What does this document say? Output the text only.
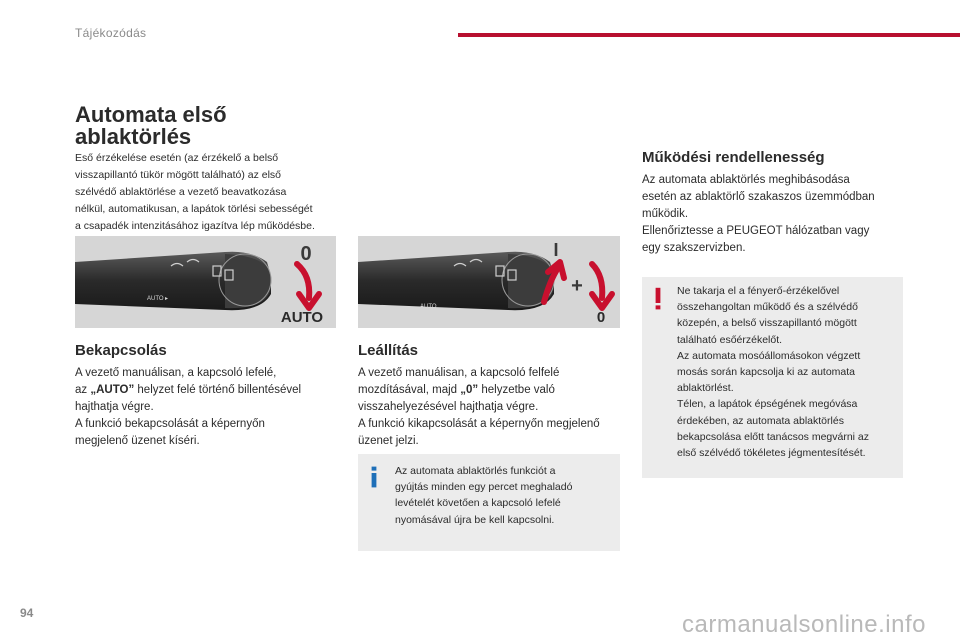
Tájékozódás
Automata első
ablaktörlés
Eső érzékelése esetén (az érzékelő a belső
visszapillantó tükör mögött található) az első
szélvédő ablaktörlése a vezető beavatkozása
nélkül, automatikusan, a lapátok törlési sebességét
a csapadék intenzitásához igazítva lép működésbe.
AUTO ▸
0
AUTO
AUTO
I
+
0
Bekapcsolás
A vezető manuálisan, a kapcsoló lefelé,
az „AUTO” helyzet felé történő billentésével
hajthatja végre.
A funkció bekapcsolását a képernyőn
megjelenő üzenet kíséri.
Leállítás
A vezető manuálisan, a kapcsoló felfelé
mozdításával, majd „0” helyzetbe való
visszahelyezésével hajthatja végre.
A funkció kikapcsolását a képernyőn megjelenő
üzenet jelzi.
Az automata ablaktörlés funkciót a
gyújtás minden egy percet meghaladó
levételét követően a kapcsoló lefelé
nyomásával újra be kell kapcsolni.
Működési rendellenesség
Az automata ablaktörlés meghibásodása
esetén az ablaktörlő szakaszos üzemmódban
működik.
Ellenőriztesse a PEUGEOT hálózatban vagy
egy szakszervizben.
Ne takarja el a fényerő-érzékelővel
összehangoltan működő és a szélvédő
közepén, a belső visszapillantó mögött
található esőérzékelőt.
Az automata mosóállomásokon végzett
mosás során kapcsolja ki az automata
ablaktörlést.
Télen, a lapátok épségének megóvása
érdekében, az automata ablaktörlés
bekapcsolása előtt tanácsos megvárni az
első szélvédő tökéletes jégmentesítését.
94	carmanualsonline.info
